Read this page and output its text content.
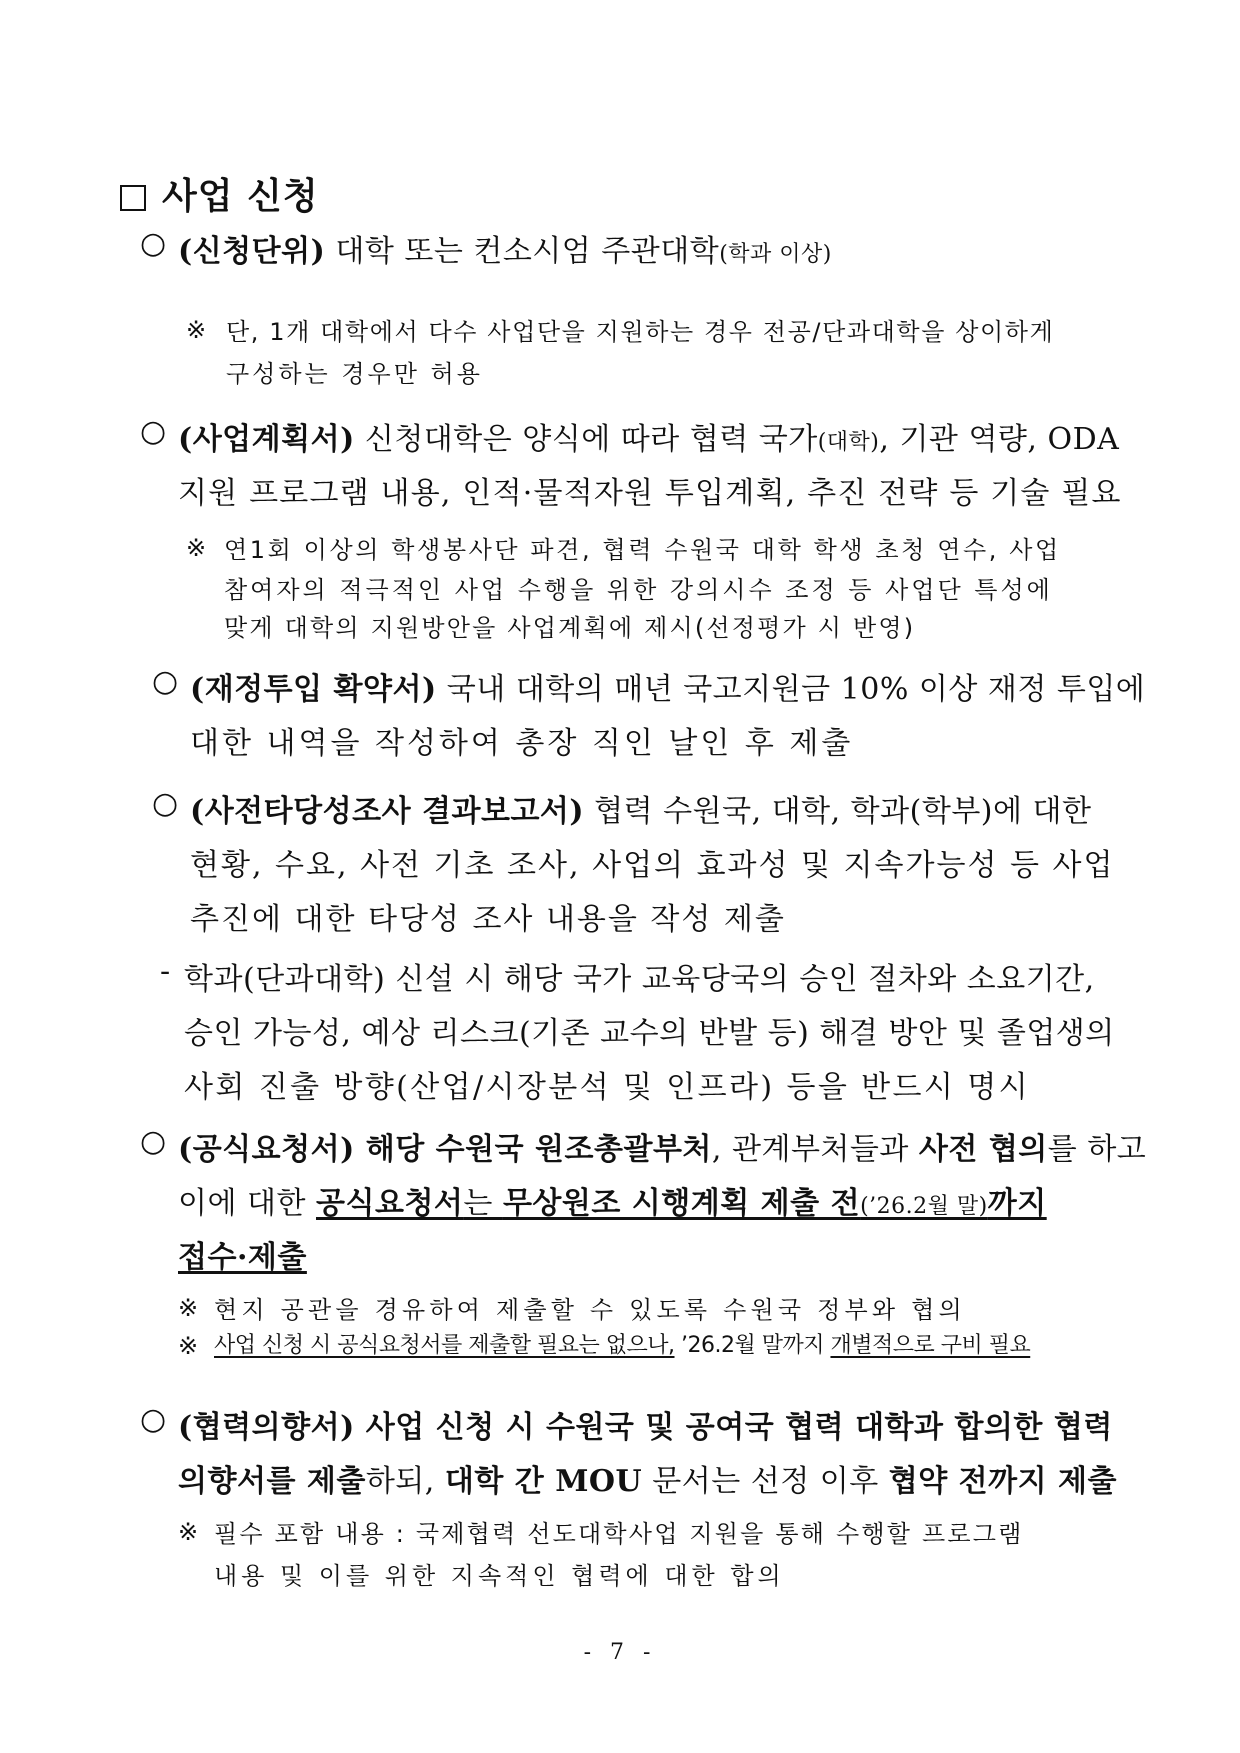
사업 신청
○ (신청단위) 대학 또는 컨소시엄 주관대학(학과 이상)
※ 단, 1개 대학에서 다수 사업단을 지원하는 경우 전공/단과대학을 상이하게
구성하는 경우만 허용
○ (사업계획서) 신청대학은 양식에 따라 협력 국가(대학), 기관 역량, ODA
지원 프로그램 내용, 인적·물적자원 투입계획, 추진 전략 등 기술 필요
※ 연1회 이상의 학생봉사단 파견, 협력 수원국 대학 학생 초청 연수, 사업
참여자의 적극적인 사업 수행을 위한 강의시수 조정 등 사업단 특성에
맞게 대학의 지원방안을 사업계획에 제시(선정평가 시 반영)
○ (재정투입 확약서) 국내 대학의 매년 국고지원금 10% 이상 재정 투입에
대한 내역을 작성하여 총장 직인 날인 후 제출
○ (사전타당성조사 결과보고서) 협력 수원국, 대학, 학과(학부)에 대한
현황, 수요, 사전 기초 조사, 사업의 효과성 및 지속가능성 등 사업
추진에 대한 타당성 조사 내용을 작성 제출
- 학과(단과대학) 신설 시 해당 국가 교육당국의 승인 절차와 소요기간,
승인 가능성, 예상 리스크(기존 교수의 반발 등) 해결 방안 및 졸업생의
사회 진출 방향(산업/시장분석 및 인프라) 등을 반드시 명시
○ (공식요청서) 해당 수원국 원조총괄부처, 관계부처들과 사전 협의를 하고
이에 대한 공식요청서는 무상원조 시행계획 제출 전(’26.2월 말)까지
접수·제출
※ 현지 공관을 경유하여 제출할 수 있도록 수원국 정부와 협의
※ 사업 신청 시 공식요청서를 제출할 필요는 없으나, ’26.2월 말까지 개별적으로 구비 필요
○ (협력의향서) 사업 신청 시 수원국 및 공여국 협력 대학과 합의한 협력
의향서를 제출하되, 대학 간 MOU 문서는 선정 이후 협약 전까지 제출
※ 필수 포함 내용 : 국제협력 선도대학사업 지원을 통해 수행할 프로그램
내용 및 이를 위한 지속적인 협력에 대한 합의
- 7 -
